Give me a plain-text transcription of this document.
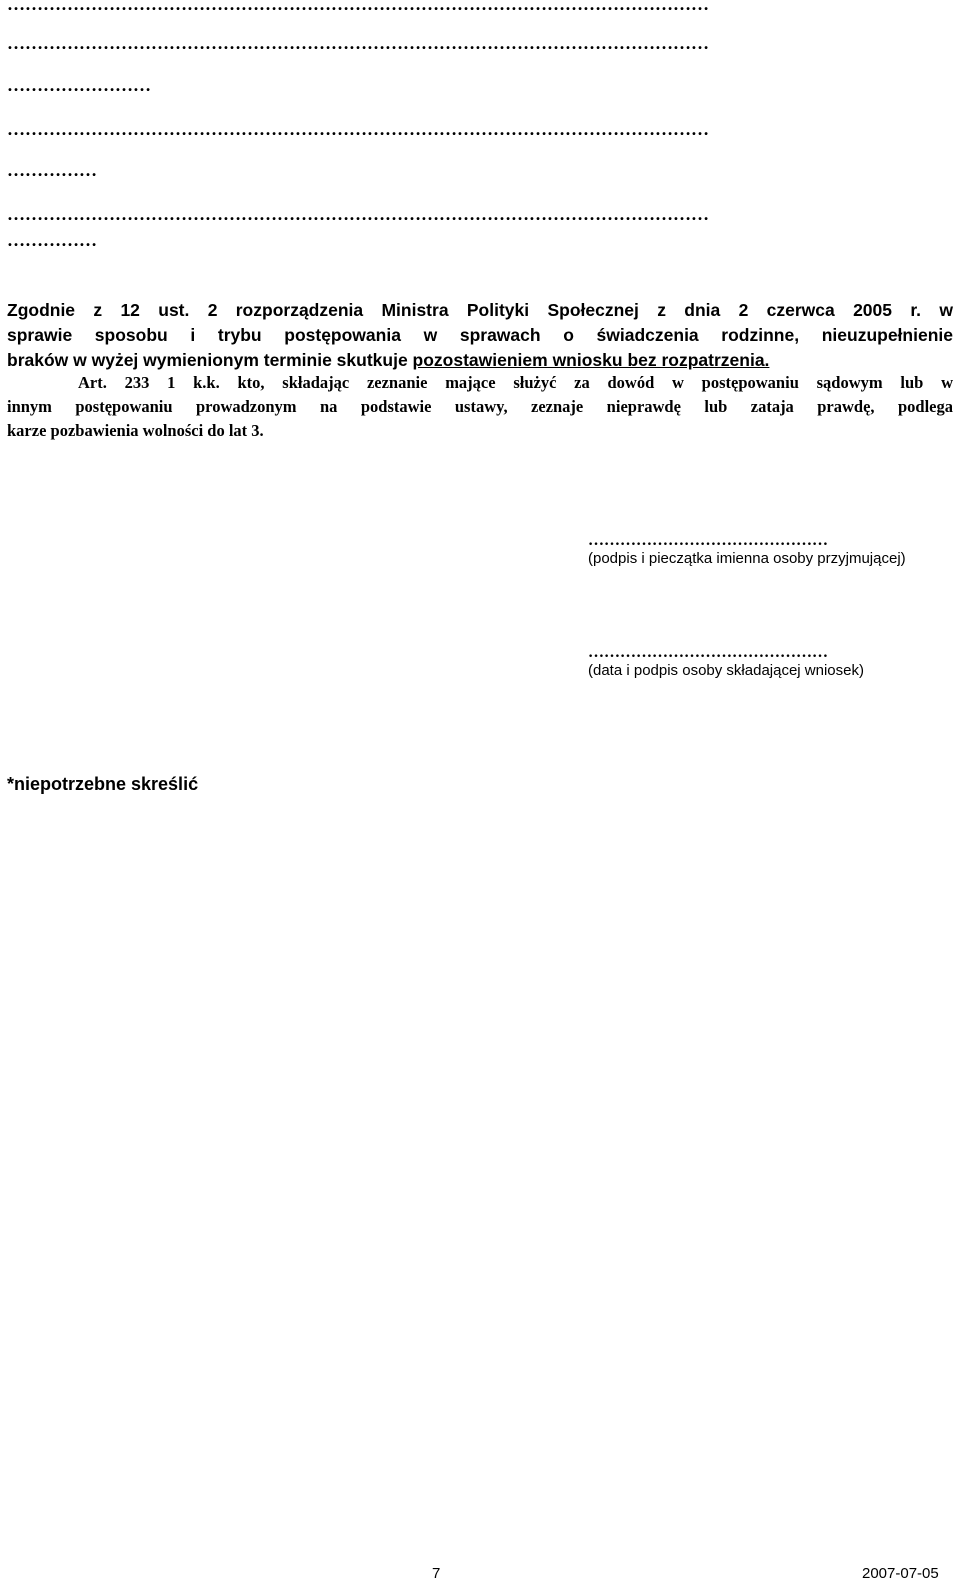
………………………………………………………………………………………………………
………………………………………………………………………………………………………
……………………
………………………………………………………………………………………………………
……………
………………………………………………………………………………………………………
……………
Zgodnie z 12 ust. 2 rozporządzenia Ministra Polityki Społecznej z dnia 2 czerwca 2005 r. w
sprawie sposobu i trybu postępowania w sprawach o świadczenia rodzinne, nieuzupełnienie
braków w wyżej wymienionym terminie skutkuje pozostawieniem wniosku bez rozpatrzenia.
Art. 233 1 k.k. kto, składając zeznanie mające służyć za dowód w postępowaniu sądowym lub w
innym postępowaniu prowadzonym na podstawie ustawy, zeznaje nieprawdę lub zataja prawdę, podlega
karze pozbawienia wolności do lat 3.
………………………………………
(podpis i pieczątka imienna osoby przyjmującej)
………………………………………
(data i podpis osoby składającej wniosek)
*niepotrzebne skreślić
7	2007-07-05
